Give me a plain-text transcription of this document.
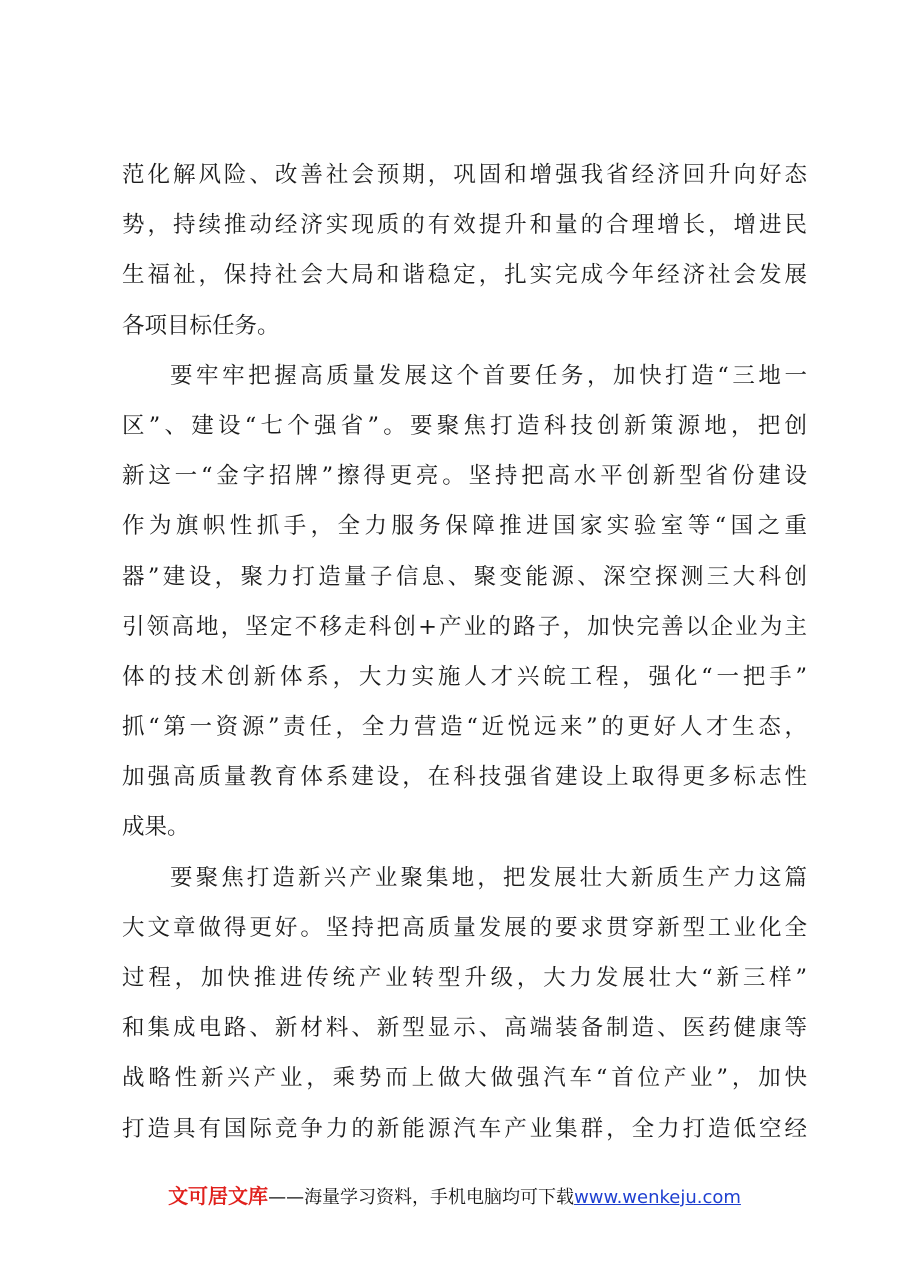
范化解风险、改善社会预期，巩固和增强我省经济回升向好态
势，持续推动经济实现质的有效提升和量的合理增长，增进民
生福祉，保持社会大局和谐稳定，扎实完成今年经济社会发展
各项目标任务。
要牢牢把握高质量发展这个首要任务，加快打造“三地一
区”、建设“七个强省”。要聚焦打造科技创新策源地，把创
新这一“金字招牌”擦得更亮。坚持把高水平创新型省份建设
作为旗帜性抓手，全力服务保障推进国家实验室等“国之重
器”建设，聚力打造量子信息、聚变能源、深空探测三大科创
引领高地，坚定不移走科创+产业的路子，加快完善以企业为主
体的技术创新体系，大力实施人才兴皖工程，强化“一把手”
抓“第一资源”责任，全力营造“近悦远来”的更好人才生态，
加强高质量教育体系建设，在科技强省建设上取得更多标志性
成果。
要聚焦打造新兴产业聚集地，把发展壮大新质生产力这篇
大文章做得更好。坚持把高质量发展的要求贯穿新型工业化全
过程，加快推进传统产业转型升级，大力发展壮大“新三样”
和集成电路、新材料、新型显示、高端装备制造、医药健康等
战略性新兴产业，乘势而上做大做强汽车“首位产业”，加快
打造具有国际竞争力的新能源汽车产业集群，全力打造低空经
文可居文库——海量学习资料，手机电脑均可下载www.wenkeju.com
